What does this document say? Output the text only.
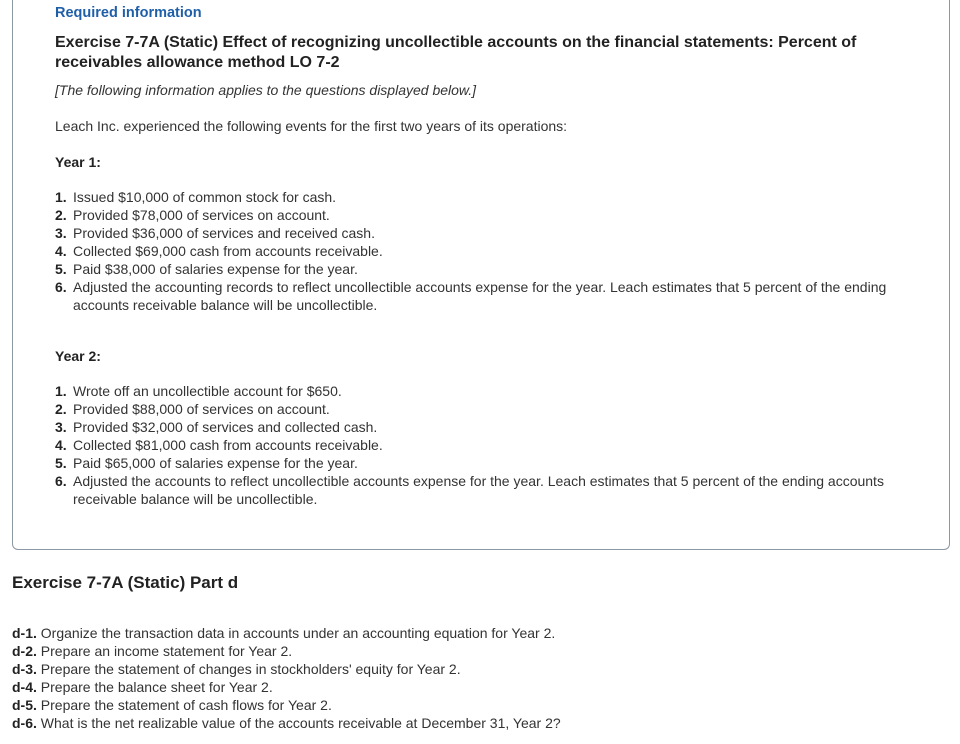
Required information
Exercise 7-7A (Static) Effect of recognizing uncollectible accounts on the financial statements: Percent of receivables allowance method LO 7-2
[The following information applies to the questions displayed below.]
Leach Inc. experienced the following events for the first two years of its operations:
Year 1:
1. Issued $10,000 of common stock for cash.
2. Provided $78,000 of services on account.
3. Provided $36,000 of services and received cash.
4. Collected $69,000 cash from accounts receivable.
5. Paid $38,000 of salaries expense for the year.
6. Adjusted the accounting records to reflect uncollectible accounts expense for the year. Leach estimates that 5 percent of the ending accounts receivable balance will be uncollectible.
Year 2:
1. Wrote off an uncollectible account for $650.
2. Provided $88,000 of services on account.
3. Provided $32,000 of services and collected cash.
4. Collected $81,000 cash from accounts receivable.
5. Paid $65,000 of salaries expense for the year.
6. Adjusted the accounts to reflect uncollectible accounts expense for the year. Leach estimates that 5 percent of the ending accounts receivable balance will be uncollectible.
Exercise 7-7A (Static) Part d
d-1. Organize the transaction data in accounts under an accounting equation for Year 2.
d-2. Prepare an income statement for Year 2.
d-3. Prepare the statement of changes in stockholders' equity for Year 2.
d-4. Prepare the balance sheet for Year 2.
d-5. Prepare the statement of cash flows for Year 2.
d-6. What is the net realizable value of the accounts receivable at December 31, Year 2?
